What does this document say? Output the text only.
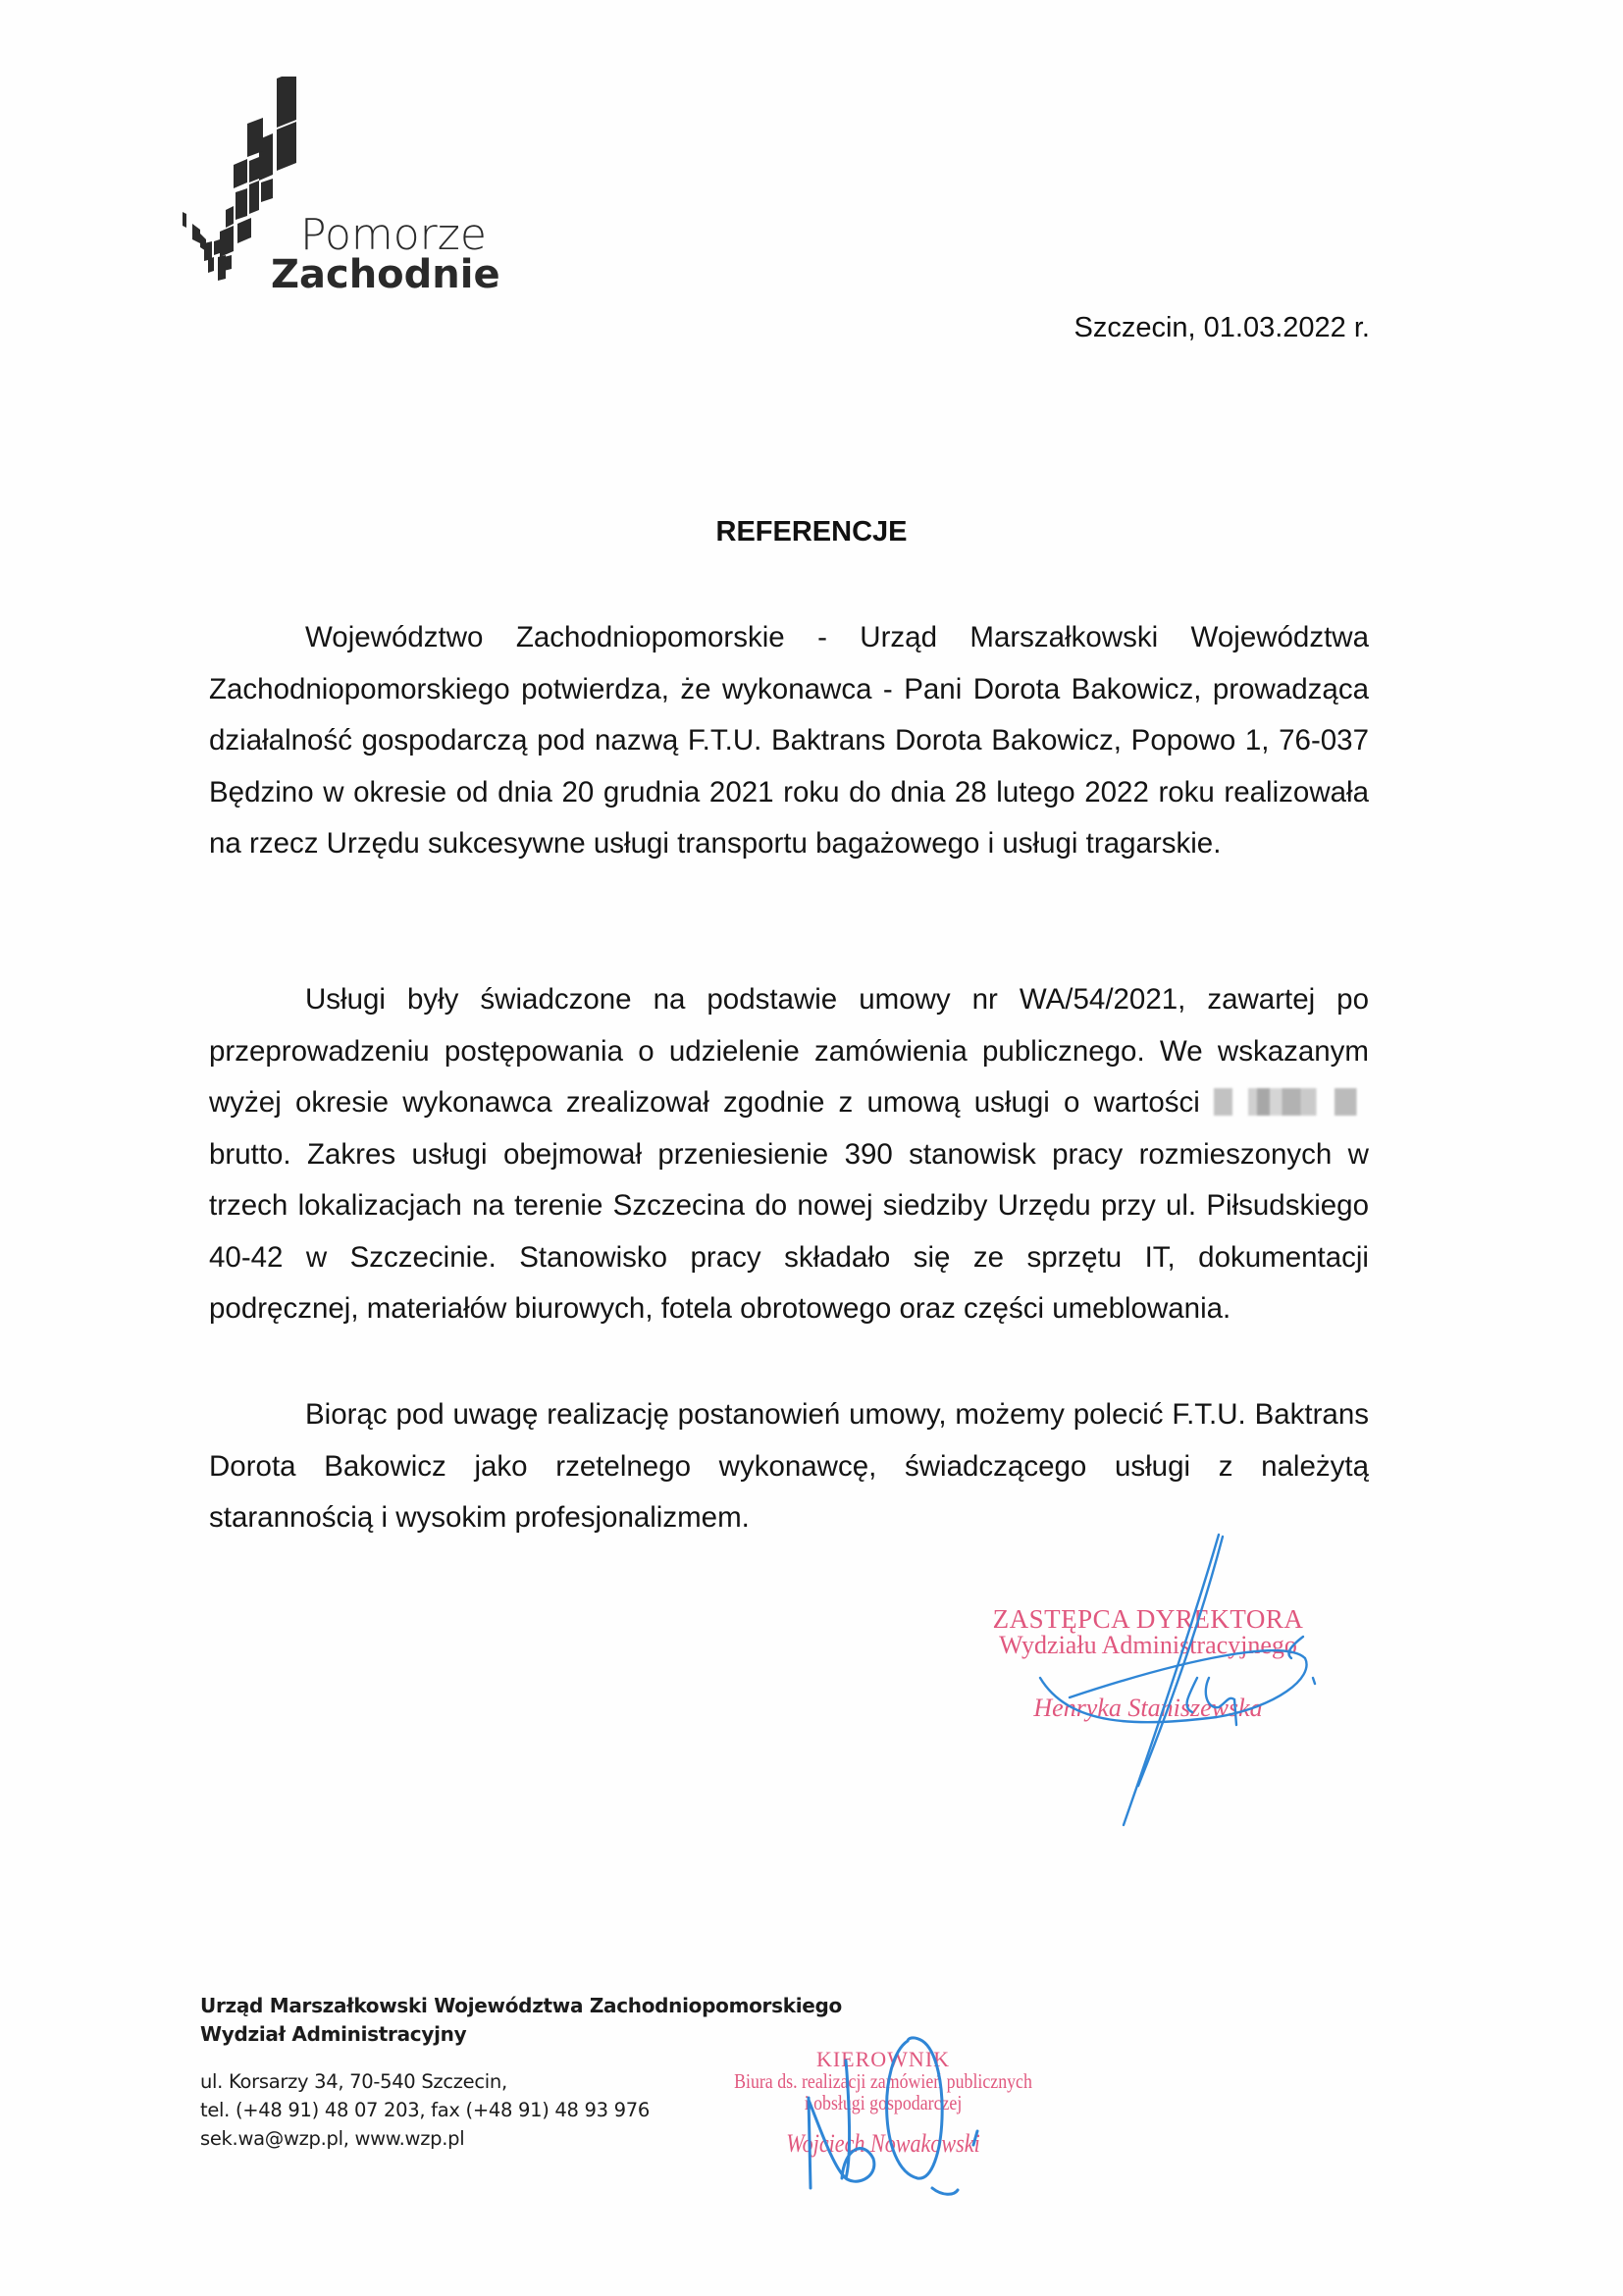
Pomorze
Zachodnie
Szczecin, 01.03.2022 r.
REFERENCJE

Województwo Zachodniopomorskie - Urząd Marszałkowski Województwa Zachodniopomorskiego potwierdza, że wykonawca - Pani Dorota Bakowicz, prowadząca działalność gospodarczą pod nazwą F.T.U. Baktrans Dorota Bakowicz, Popowo 1, 76-037 Będzino w okresie od dnia 20 grudnia 2021 roku do dnia 28 lutego 2022 roku realizowała na rzecz Urzędu sukcesywne usługi transportu bagażowego i usługi tragarskie.

Usługi były świadczone na podstawie umowy nr WA/54/2021, zawartej po przeprowadzeniu postępowania o udzielenie zamówienia publicznego. We wskazanym wyżej okresie wykonawca zrealizował zgodnie z umową usługi o wartości  brutto. Zakres usługi obejmował przeniesienie 390 stanowisk pracy rozmieszonych w trzech lokalizacjach na terenie Szczecina do nowej siedziby Urzędu przy ul. Piłsudskiego 40-42 w Szczecinie. Stanowisko pracy składało się ze sprzętu IT, dokumentacji podręcznej, materiałów biurowych, fotela obrotowego oraz części umeblowania.

Biorąc pod uwagę realizację postanowień umowy, możemy polecić F.T.U. Baktrans Dorota Bakowicz jako rzetelnego wykonawcę, świadczącego usługi z należytą starannością i wysokim profesjonalizmem.

ZASTĘPCA DYREKTORA
Wydziału Administracyjnego
Henryka Staniszewska
Urząd Marszałkowski Województwa Zachodniopomorskiego
Wydział Administracyjny
ul. Korsarzy 34, 70-540 Szczecin,
tel. (+48 91) 48 07 203, fax (+48 91) 48 93 976
sek.wa@wzp.pl, www.wzp.pl
KIEROWNIK
Biura ds. realizacji zamówień publicznych
i obsługi gospodarczej
Wojciech Nowakowski
